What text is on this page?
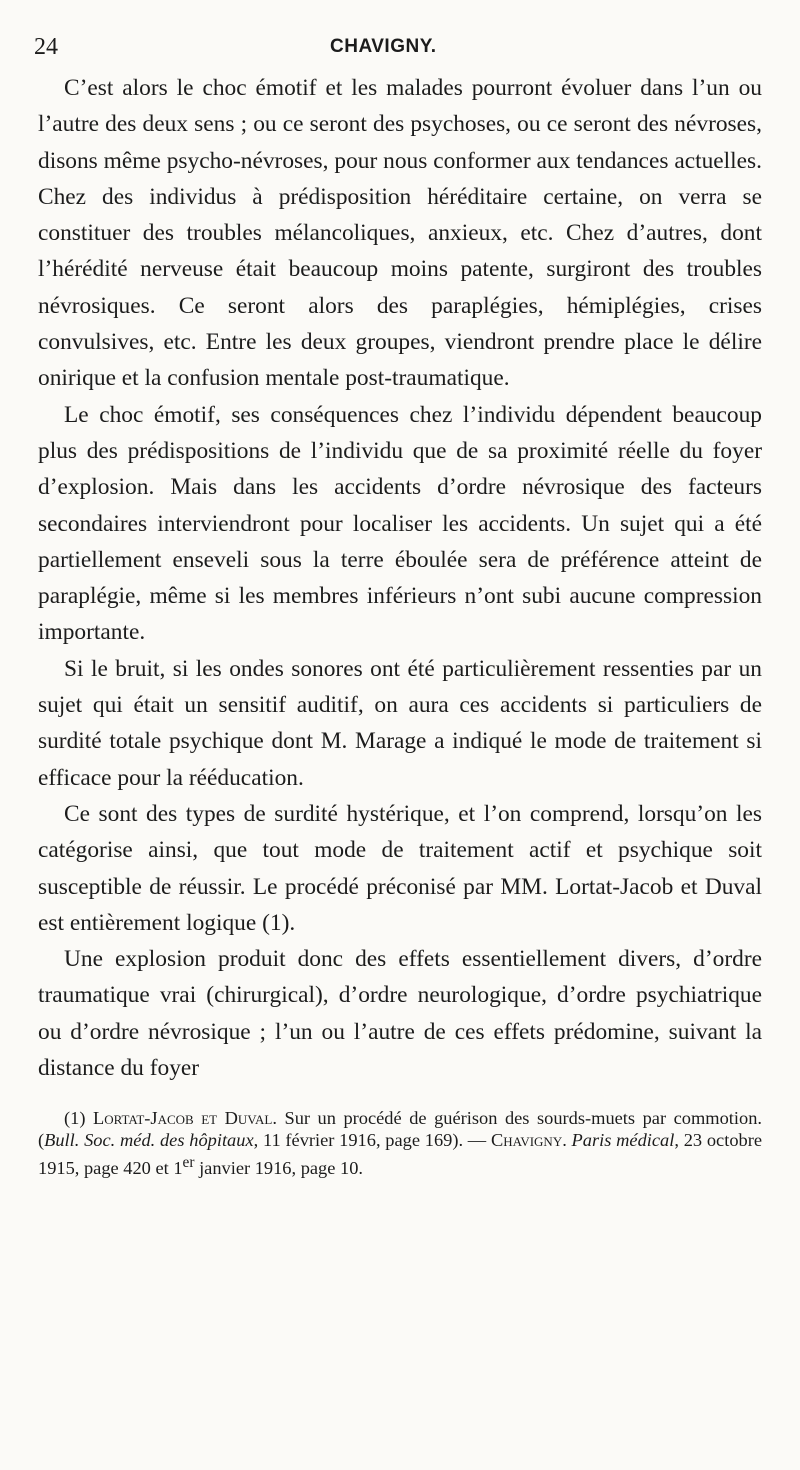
24	CHAVIGNY.

C’est alors le choc émotif et les malades pourront évoluer dans l’un ou l’autre des deux sens ; ou ce seront des psychoses, ou ce seront des névroses, disons même psycho-névroses, pour nous conformer aux tendances actuelles. Chez des individus à prédisposition héréditaire certaine, on verra se constituer des troubles mélancoliques, anxieux, etc. Chez d’autres, dont l’hérédité nerveuse était beaucoup moins patente, surgiront des troubles névrosiques. Ce seront alors des paraplégies, hémiplégies, crises convulsives, etc. Entre les deux groupes, viendront prendre place le délire onirique et la confusion mentale post-traumatique.

Le choc émotif, ses conséquences chez l’individu dépendent beaucoup plus des prédispositions de l’individu que de sa proximité réelle du foyer d’explosion. Mais dans les accidents d’ordre névrosique des facteurs secondaires interviendront pour localiser les accidents. Un sujet qui a été partiellement enseveli sous la terre éboulée sera de préférence atteint de paraplégie, même si les membres inférieurs n’ont subi aucune compression importante.

Si le bruit, si les ondes sonores ont été particulièrement ressenties par un sujet qui était un sensitif auditif, on aura ces accidents si particuliers de surdité totale psychique dont M. Marage a indiqué le mode de traitement si efficace pour la rééducation.

Ce sont des types de surdité hystérique, et l’on comprend, lorsqu’on les catégorise ainsi, que tout mode de traitement actif et psychique soit susceptible de réussir. Le procédé préconisé par MM. Lortat-Jacob et Duval est entièrement logique (1).

Une explosion produit donc des effets essentiellement divers, d’ordre traumatique vrai (chirurgical), d’ordre neurologique, d’ordre psychiatrique ou d’ordre névrosique ; l’un ou l’autre de ces effets prédomine, suivant la distance du foyer

(1) Lortat-Jacob et Duval. Sur un procédé de guérison des sourds-muets par commotion. (Bull. Soc. méd. des hôpitaux, 11 février 1916, page 169). — Chavigny. Paris médical, 23 octobre 1915, page 420 et 1er janvier 1916, page 10.
